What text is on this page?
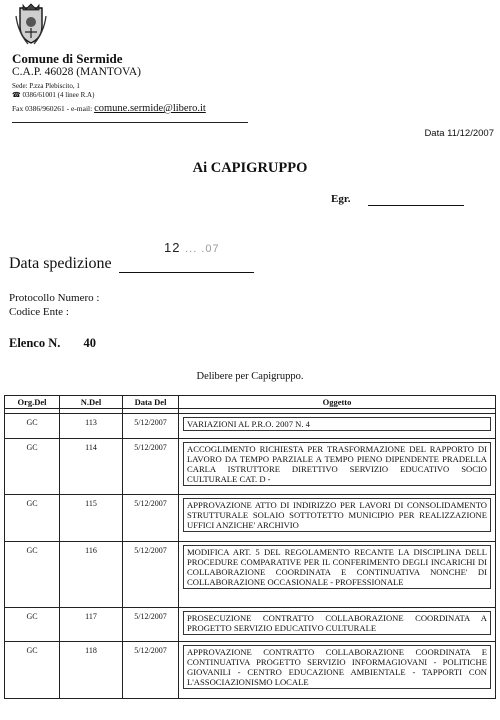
Comune di Sermide
C.A.P. 46028 (MANTOVA)
Sede: P.zza Plebiscito, 1
☎ 0386/61001 (4 linee R.A)
Fax 0386/960261 - e-mail: comune.sermide@libero.it
Data 11/12/2007
Ai CAPIGRUPPO
Egr.
12 ... .07
Data spedizione
Protocollo Numero :
Codice Ente :
Elenco N. 40
Delibere per Capigruppo.
Org.Del	N.Del	Data Del	Oggetto

GC	113	5/12/2007	VARIAZIONI AL P.R.O. 2007 N. 4

GC	114	5/12/2007	ACCOGLIMENTO RICHIESTA PER TRASFORMAZIONE DEL RAPPORTO DI LAVORO DA TEMPO PARZIALE A TEMPO PIENO DIPENDENTE PRADELLA CARLA ISTRUTTORE DIRETTIVO SERVIZIO EDUCATIVO SOCIO CULTURALE CAT. D -

GC	115	5/12/2007	APPROVAZIONE ATTO DI INDIRIZZO PER LAVORI DI CONSOLIDAMENTO STRUTTURALE SOLAIO SOTTOTETTO MUNICIPIO PER REALIZZAZIONE UFFICI ANZICHE' ARCHIVIO

GC	116	5/12/2007	MODIFICA ART. 5 DEL REGOLAMENTO RECANTE LA DISCIPLINA DELL PROCEDURE COMPARATIVE PER IL CONFERIMENTO DEGLI INCARICHI DI COLLABORAZIONE COORDINATA E CONTINUATIVA NONCHE' DI COLLABORAZIONE OCCASIONALE - PROFESSIONALE

GC	117	5/12/2007	PROSECUZIONE CONTRATTO COLLABORAZIONE COORDINATA A PROGETTO SERVIZIO EDUCATIVO CULTURALE

GC	118	5/12/2007	APPROVAZIONE CONTRATTO COLLABORAZIONE COORDINATA E CONTINUATIVA PROGETTO SERVIZIO INFORMAGIOVANI - POLITICHE GIOVANILI - CENTRO EDUCAZIONE AMBIENTALE - TAPPORTI CON L'ASSOCIAZIONISMO LOCALE
